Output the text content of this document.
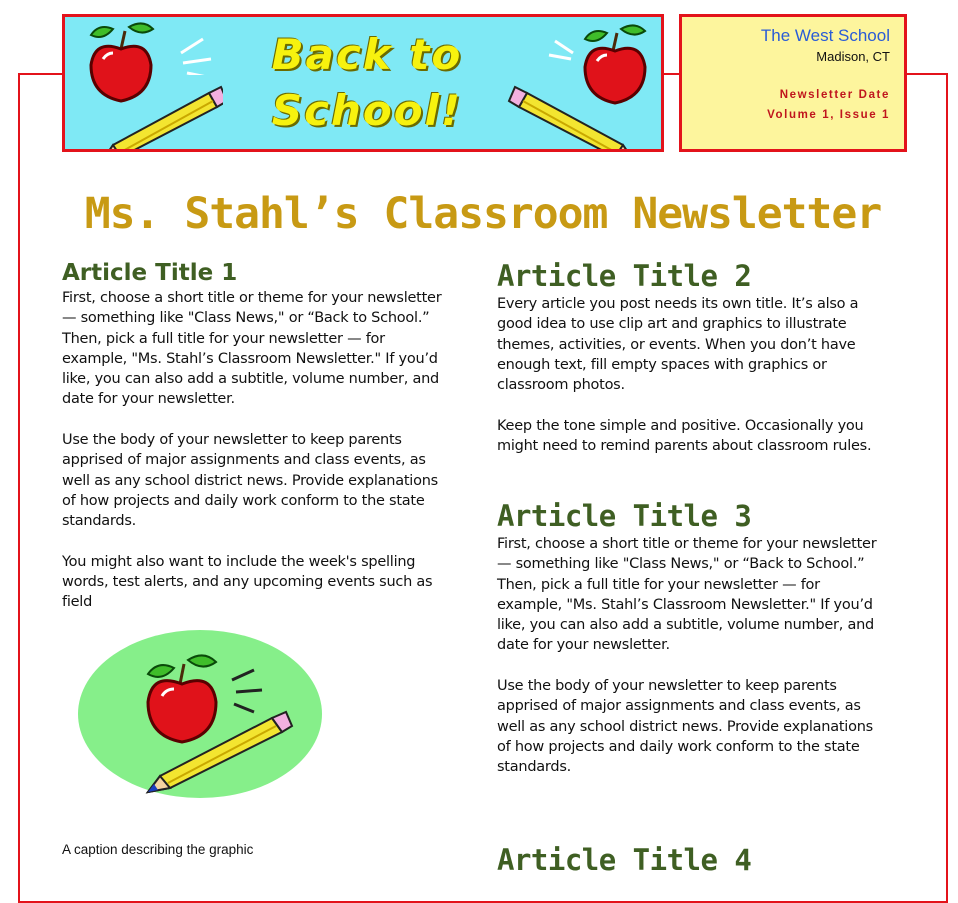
Back to
School!
The West School
Madison, CT
Newsletter Date
Volume 1, Issue 1
Ms. Stahl’s Classroom Newsletter
Article Title 1

First, choose a short title or theme for your newsletter — something like "Class News," or “Back to School.” Then, pick a full title for your newsletter — for example, "Ms. Stahl’s Classroom Newsletter." If you’d like, you can also add a subtitle, volume number, and date for your newsletter.

Use the body of your newsletter to keep parents apprised of major assignments and class events, as well as any school district news. Provide explanations of how projects and daily work conform to the state standards.

You might also want to include the week's spelling words, test alerts, and any upcoming events such as field

Article Title 2

Every article you post needs its own title. It’s also a good idea to use clip art and graphics to illustrate themes, activities, or events. When you don’t have enough text, fill empty spaces with graphics or classroom photos.

Keep the tone simple and positive. Occasionally you might need to remind parents about classroom rules.

Article Title 3

First, choose a short title or theme for your newsletter — something like "Class News," or “Back to School.” Then, pick a full title for your newsletter — for example, "Ms. Stahl’s Classroom Newsletter." If you’d like, you can also add a subtitle, volume number, and date for your newsletter.

Use the body of your newsletter to keep parents apprised of major assignments and class events, as well as any school district news. Provide explanations of how projects and daily work conform to the state standards.

Article Title 4
A caption describing the graphic
